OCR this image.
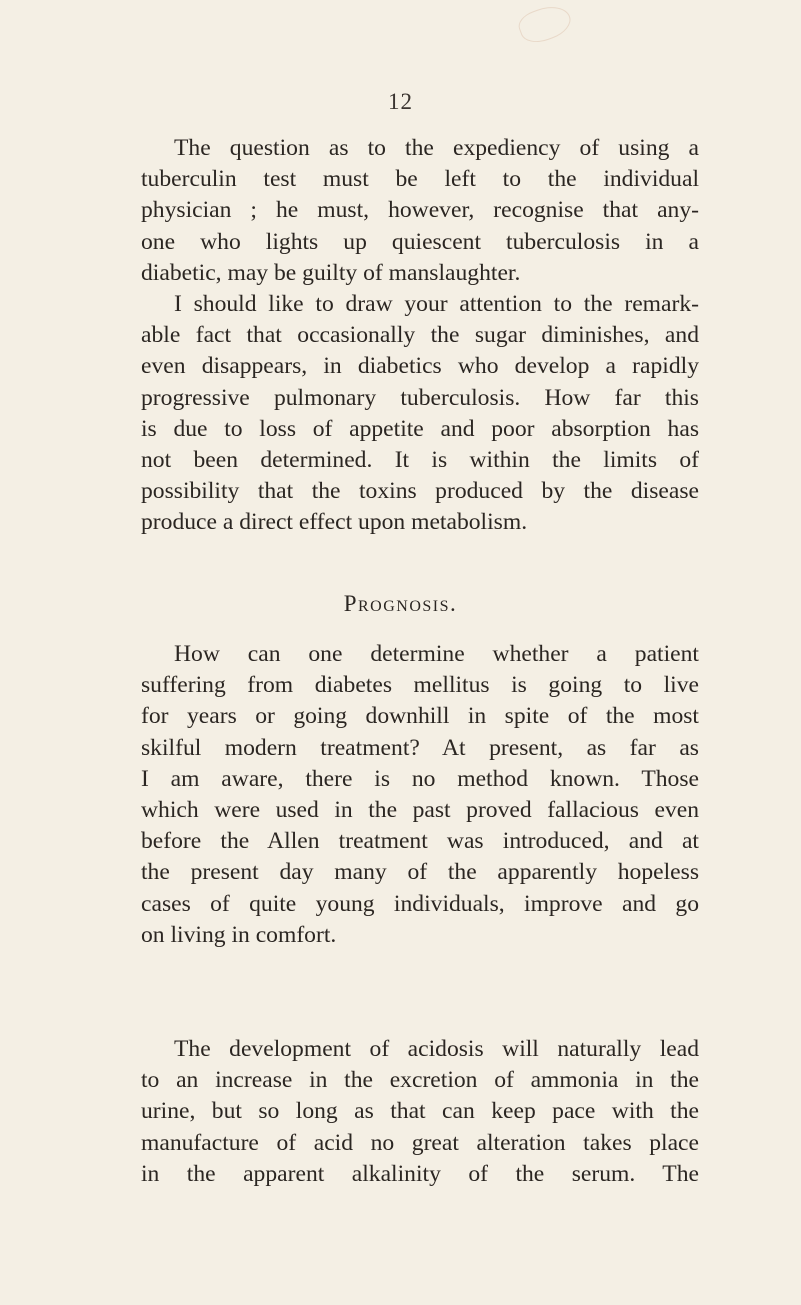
12
The question as to the expediency of using a
tuberculin test must be left to the individual
physician ; he must, however, recognise that any-
one who lights up quiescent tuberculosis in a
diabetic, may be guilty of manslaughter.
I should like to draw your attention to the remark-
able fact that occasionally the sugar diminishes, and
even disappears, in diabetics who develop a rapidly
progressive pulmonary tuberculosis. How far this
is due to loss of appetite and poor absorption has
not been determined. It is within the limits of
possibility that the toxins produced by the disease
produce a direct effect upon metabolism.
Prognosis.
How can one determine whether a patient
suffering from diabetes mellitus is going to live
for years or going downhill in spite of the most
skilful modern treatment? At present, as far as
I am aware, there is no method known. Those
which were used in the past proved fallacious even
before the Allen treatment was introduced, and at
the present day many of the apparently hopeless
cases of quite young individuals, improve and go
on living in comfort.
The development of acidosis will naturally lead
to an increase in the excretion of ammonia in the
urine, but so long as that can keep pace with the
manufacture of acid no great alteration takes place
in the apparent alkalinity of the serum. The
